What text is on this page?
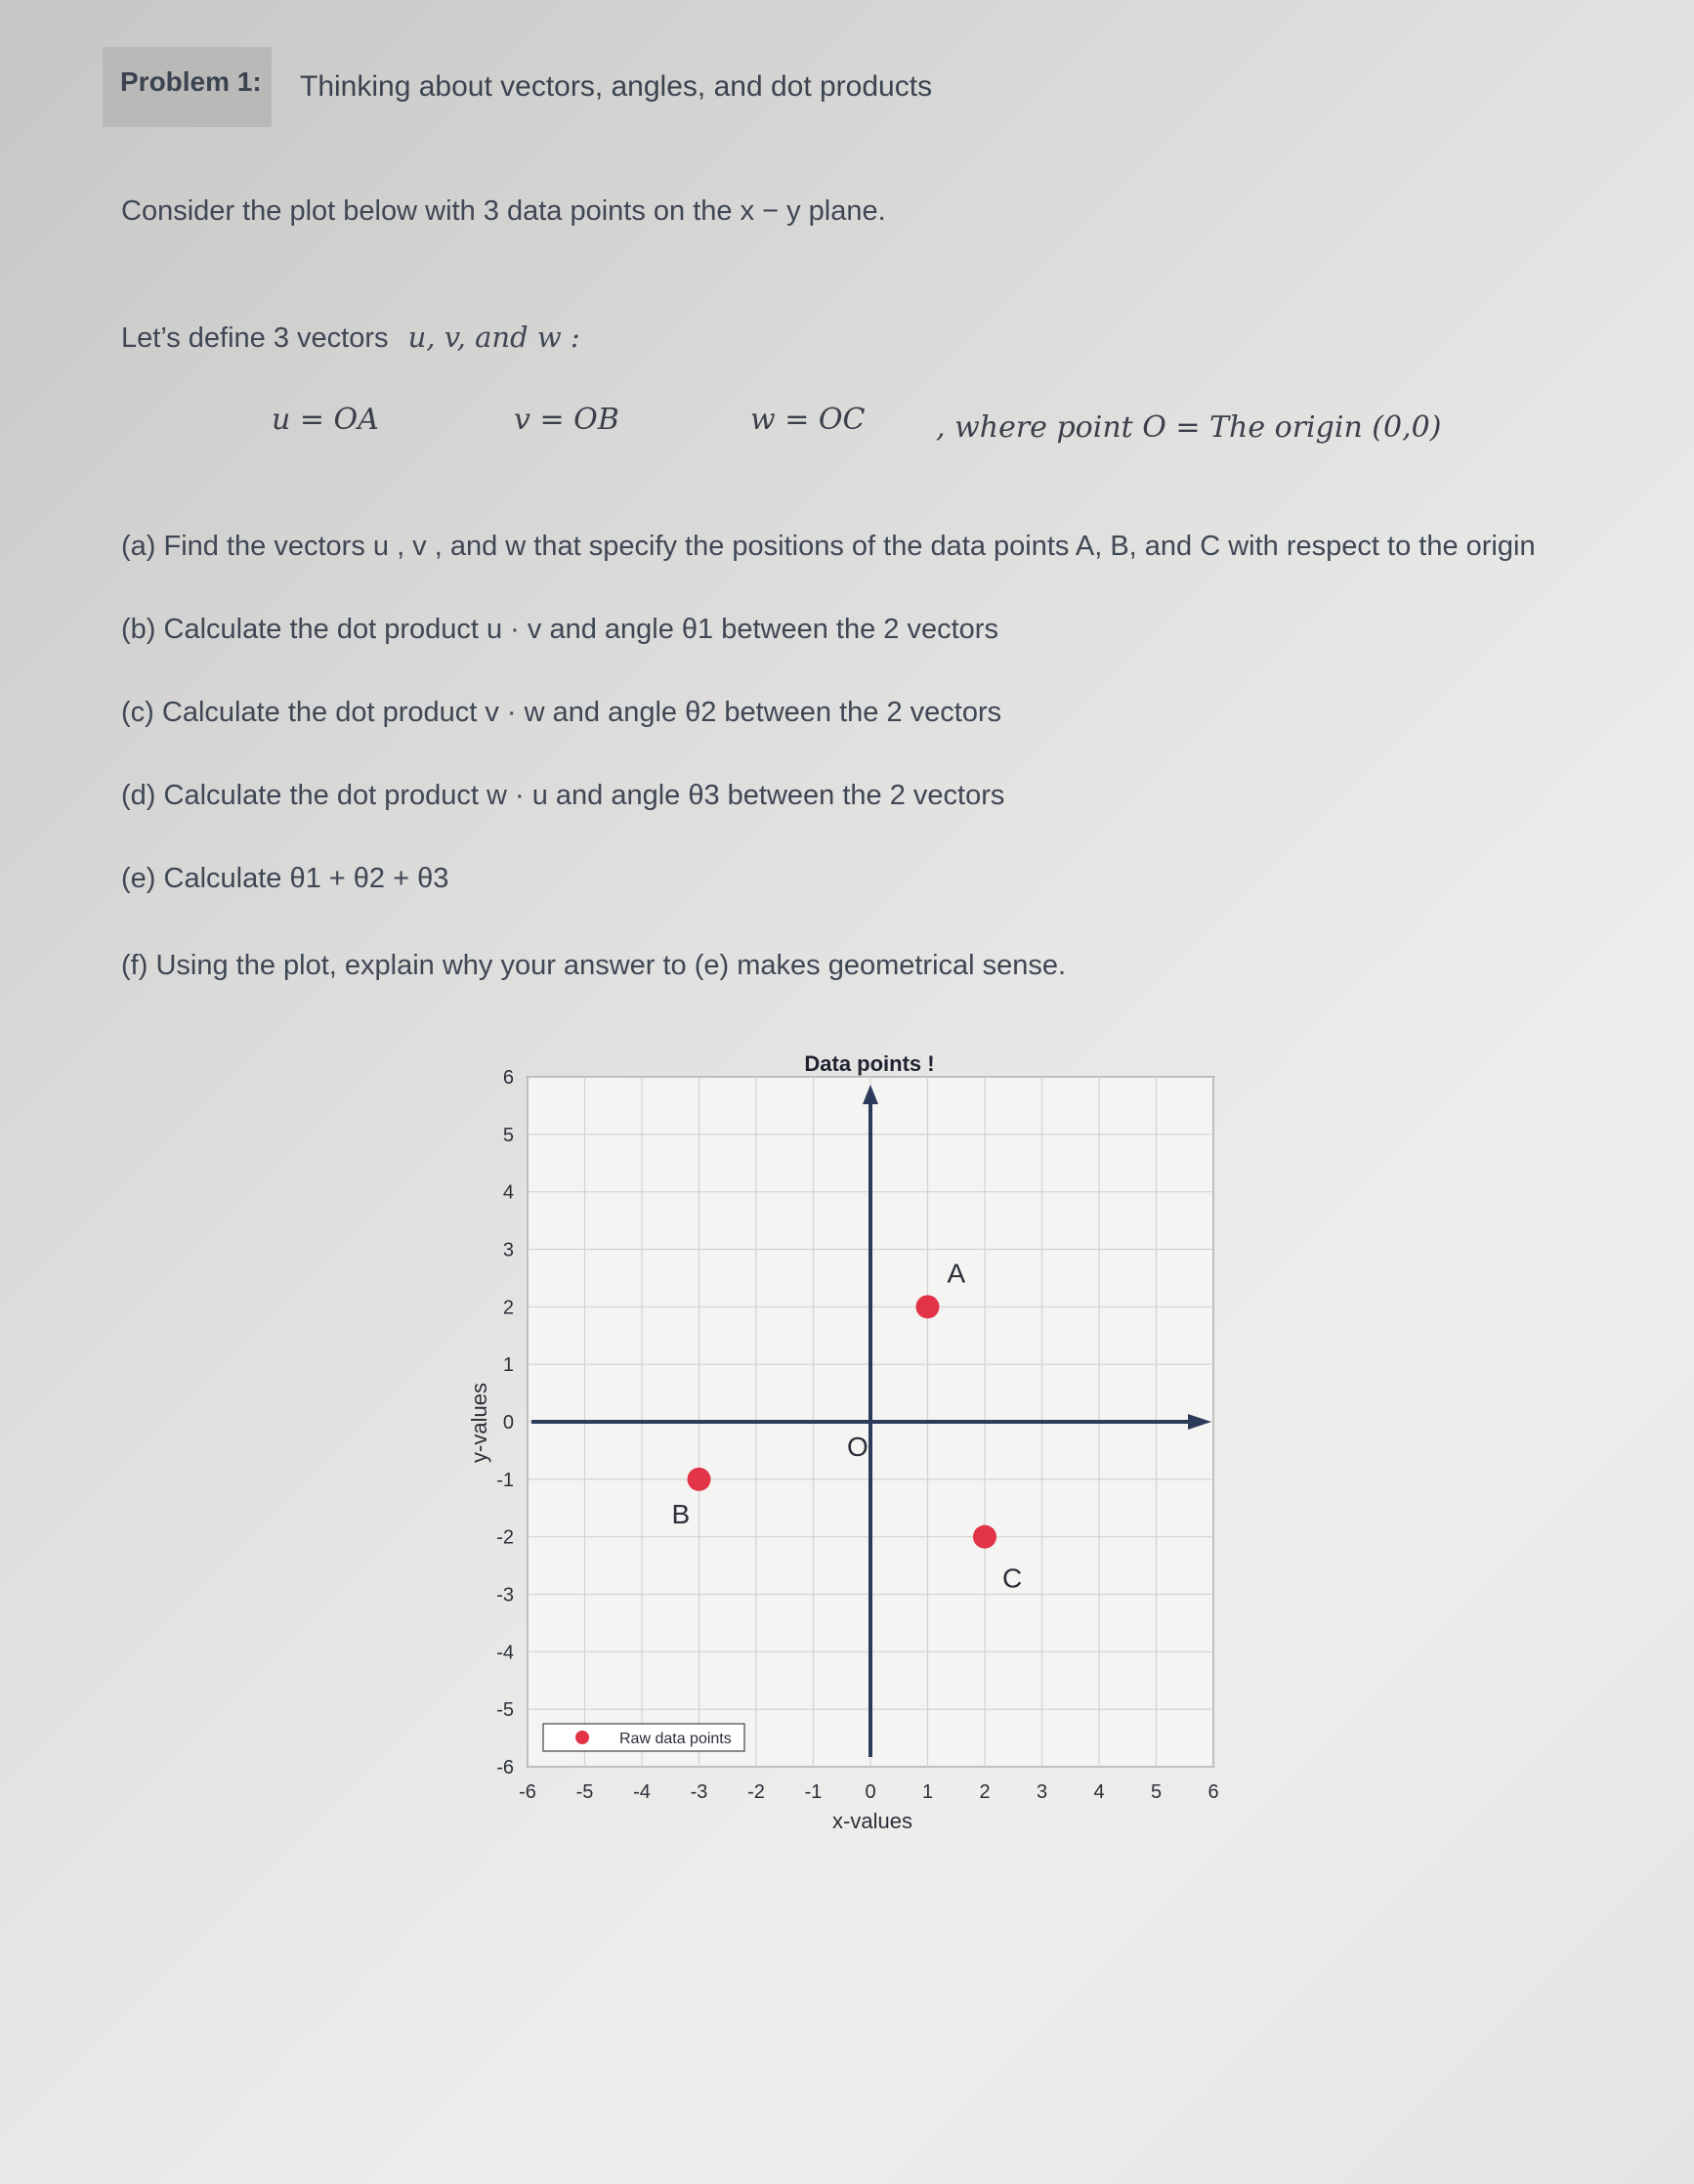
Problem 1: Thinking about vectors, angles, and dot products
Consider the plot below with 3 data points on the x − y plane.
Let’s define 3 vectors u, v, and w :
u = OA	v = OB	w = OC , where point O = The origin (0,0)
(a) Find the vectors u , v , and w that specify the positions of the data points A, B, and C with respect to the origin
(b) Calculate the dot product u · v and angle θ1 between the 2 vectors
(c) Calculate the dot product v · w and angle θ2 between the 2 vectors
(d) Calculate the dot product w · u and angle θ3 between the 2 vectors
(e) Calculate θ1 + θ2 + θ3
(f) Using the plot, explain why your answer to (e) makes geometrical sense.
Data points !
x-values
y-values
-6 -5 -4 -3 -2 -1 0 1 2 3 4 5 6
-6
-5
-4
-3
-2
-1
0
1
2
3
4
5
6
O
A
B
C
Raw data points
